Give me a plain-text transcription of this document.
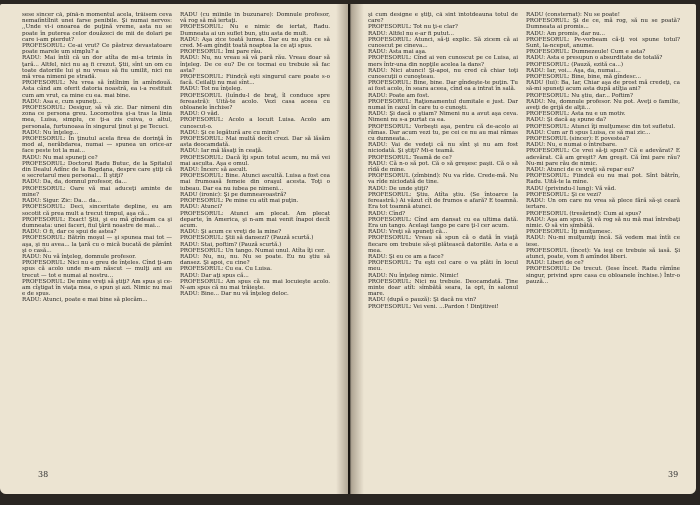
sese sincer că, pînă-n momentul acela, trăisem ceva nemaiîntîlnit unei farse penibile. Şi numai nervos: ,,Unde vi-i onoarea de puţină vreme, asta nu se poate în puterea celor douăzeci de mii de dolari pe care i-am pierdut?

PROFESORUL: Ce-ai vrut? Ce păstrez devastatoare poate marele um simplu? a

RADU: Mai întîi că un dor atîta de mi-a trimis în ţară... Altfel, nici nu aş fi crezut. Ştii, sînt un om cu toate datoriile lui şi nu vreau să fiu umilit, nici nu mă vrea nimeni pe stradă.

PROFESORUL: Nu vrea să întîlnim în amîndouă. Asta când am oferit datoria noastră, ea i-a restituit cum am vrut, ca mine cu ea. mai bine.

RADU: Asa e, cum spuneţi...

PROFESORUL: Desigur, să vă zic. Dar nimeni din zona ce persona greu. Locomotiva şi-a tras la linia mea, Luisa, simplu, ce ţi-a zis cuiva, o altul, personala, furtunoasa în singurul ţinut şi pe Tecuci.

RADU: Nu înţeleg...

PROFESORUL: În ţinutul acela firea de dorinţă în mod al, nerăbdarea, numai — spunea un orice-ar face peste tot la mai...

RADU: Nu mai spuneţi ce?

PROFESORUL: Doctorul Radu Butuc, de la Spitalul din Dealul Adînc de la Bogdana, despre care ştiţi că e secretarul meu personal... Îl ştiţi?

RADU: Da, da, domnul profesor, da...

PROFESORUL: Oare vă mai aduceţi aminte de mine?

RADU: Sigur. Zic: Da... da...

PROFESORUL: Deci, sinceritate depline, eu am socotit că prea mult a trecut timpul, aşa că...

PROFESORUL: Exact! Ştii, şi eu mă gîndeam ca şi dumneata: unei faceri, fiul ţării noastre de mai...

RADU: O fi, dar ce spui de astea?

PROFESORUL: Bătrîn moşul — şi spunea mai tot — aşa, şi nu avea... la ţară cu o mică bucată de pămînt şi o casă...

RADU: Nu vă înţeleg, domnule profesor.

PROFESORUL: Nici nu e greu de înţeles. Cînd ţi-am spus că acolo unde m-am născut — mulţi ani au trecut — tot e numai al nostru...

PROFESORUL: De mine vreţi să ştiţi? Am spus şi ce-am cîştigat în viaţa mea, o spun şi azi. Nimic nu mai e de spus.

RADU: Atunci, poate e mai bine să plecăm...

RADU (cu mîinile în buzunare): Domnule profesor, vă rog să mă iertaţi.

PROFESORUL: Nu e nimic de iertat, Radu. Dumneata ai un suflet bun, ştiu asta de mult.

RADU: Aşa zice toată lumea. Dar eu nu ştiu ce să cred. M-am gîndit toată noaptea la ce aţi spus.

PROFESORUL: Îmi pare rău.

RADU: Nu, nu vreau să vă pară rău. Vreau doar să înţeleg. De ce eu? De ce tocmai eu trebuie să fac asta?

PROFESORUL: Fiindcă eşti singurul care poate s-o facă. Ceilalţi nu mai sînt...

RADU: Tot nu înţeleg.

PROFESORUL (luîndu-l de braţ, îl conduce spre fereastră): Uită-te acolo. Vezi casa aceea cu obloanele închise?

RADU: O văd.

PROFESORUL: Acolo a locuit Luisa. Acolo am cunoscut-o.

RADU: Şi ce legătură are cu mine?

PROFESORUL: Mai multă decît crezi. Dar să lăsăm asta deocamdată.

RADU: Iar mă lăsaţi în ceaţă.

PROFESORUL: Dacă îţi spun totul acum, nu mă vei mai asculta. Aşa e omul.

RADU: Încerc să ascult.

PROFESORUL: Bine. Atunci ascultă. Luisa a fost cea mai frumoasă femeie din oraşul acesta. Toţi o iubeau. Dar ea nu iubea pe nimeni...

RADU (ironic): Şi pe dumneavoastră?

PROFESORUL: Pe mine cu atît mai puţin.

RADU: Atunci?

PROFESORUL: Atunci am plecat. Am plecat departe, în America, şi n-am mai venit înapoi decît acum.

RADU: Şi acum ce vreţi de la mine?

PROFESORUL: Ştii să dansezi? (Pauză scurtă.)

RADU: Stai, poftim? (Pauză scurtă.)

PROFESORUL: Un tango. Numai unul. Atîta îţi cer.

RADU: Nu, nu, nu. Nu se poate. Eu nu ştiu să dansez. Şi apoi, cu cine?

PROFESORUL: Cu ea. Cu Luisa.

RADU: Dar aţi spus că...

PROFESORUL: Am spus că nu mai locuieşte acolo. N-am spus că nu mai trăieşte.

RADU: Bine... Dar nu vă înţeleg deloc.

38

şi cum designe e ştiţi, că sînt întotdeauna totul de care?

PROFESORUL: Tot nu ţi-e clar?

RADU: Altfel nu e-ar fi putut...

PROFESORUL: Atunci, să-ţi explic. Să zicem că ai cunoscut pe cineva...

RADU: Asta mai aşa.

PROFESORUL: Cînd ai ven cunoscut pe ce Luisa, ai mers într-una din nopţile acelea la dans?

RADU: Nici atunci! Şi-apoi, nu cred că chiar toţi cunoscuţii o cunoşteau.

PROFESORUL: Bine, bine. Dar gîndeşte-te puţin. Tu ai fost acolo, în seara aceea, cînd ea a intrat în sală.

RADU: Poate am fost.

PROFESORUL: Raţionamentul dumitale e just. Dar numai în cazul în care tu o cunoşti.

RADU: Şi dacă o ştiam? Nimeni nu a avut aşa ceva. Nimeni nu s-a purtat ca ea.

PROFESORUL: Vorbeşti aşa, pentru că de-acolo ai rămas. Dar acum vezi tu, pe cei ce nu au mai rămas cu dumneata...

RADU: Vai de vedeţi că nu sînt şi nu am fost niciodată. Şi ştiţi? Mi-e teamă.

PROFESORUL: Teamă de ce?

RADU: Că n-o să pot. Că o să greşesc paşii. Că o să rîdă de mine.

PROFESORUL (zîmbind): Nu va rîde. Crede-mă. Nu va rîde niciodată de tine.

RADU: De unde ştiţi?

PROFESORUL: Ştiu. Atîta ştiu. (Se întoarce la fereastră.) Ai văzut cît de frumos e afară? E toamnă. Era tot toamnă atunci.

RADU: Cînd?

PROFESORUL: Cînd am dansat cu ea ultima dată. Era un tango. Acelaşi tango pe care ţi-l cer acum.

RADU: Vreţi să spuneţi că...

PROFESORUL: Vreau să spun că o dată în viaţă fiecare om trebuie să-şi plătească datoriile. Asta e a mea.

RADU: Şi eu ce am a face?

PROFESORUL: Tu eşti cel care o va plăti în locul meu.

RADU: Nu înţeleg nimic. Nimic!

PROFESORUL: Nici nu trebuie. Deocamdată. Ţine minte doar atît: sîmbătă seara, la opt, în salonul mare.

RADU (după o pauză): Şi dacă nu vin?

PROFESORUL: Vei veni. ...Pardon ! Dinţitivei!

RADU (consternat): Nu se poate!

PROFESORUL: Şi de ce, mă rog, să nu se poată? Dumneata ai promis...

RADU: Am promis, dar nu...

PROFESORUL: Pe-vorbeam că-ţi voi spune totul? Sunt, la-nceput, anume.

PROFESORUL: Dumnezeule! Cum e asta?

RADU: Asta e presupun o absurditate de totală?

PROFESORUL: (Pauză, ezită ca...)

RADU: Iar, voi... Aşa, da, numai...

PROFESORUL: Bine, bine, mă gîndesc...

RADU (lui): Ba, Iar, Chiar aşa de prost mă credeţi, ca să-mi spuneţi acum asta după atîţia ani?

PROFESORUL: Nu ştiu, dar... Poftim?

RADU: Nu, domnule profesor. Nu pot. Aveţi o familie, aveţi de grijă de alţii...

PROFESORUL: Asta nu e un motiv.

RADU: Şi dacă aş spune da?

PROFESORUL: Atunci îţi mulţumesc din tot sufletul.

RADU: Cum ar fi spus Luisa, ce să mai zic...

PROFESORUL (sincer): E povestea?

RADU: Nu, e numai o întrebare.

PROFESORUL: Ce vrei să-ţi spun? Că e adevărat? E adevărat. Că am greşit? Am greşit. Că îmi pare rău? Nu-mi pare rău de nimic.

RADU: Atunci de ce vreţi să repar eu?

PROFESORUL: Fiindcă eu nu mai pot. Sînt bătrîn, Radu. Uită-te la mine.

RADU (privindu-l lung): Vă văd.

PROFESORUL: Şi ce vezi?

RADU: Un om care nu vrea să plece fără să-şi ceară iertare.

PROFESORUL (tresărind): Cum ai spus?

RADU: Aşa am spus. Şi vă rog să nu mă mai întrebaţi nimic. O să vin sîmbătă.

PROFESORUL: Îţi mulţumesc.

RADU: Nu-mi mulţumiţi încă. Să vedem mai întîi ce iese.

PROFESORUL (încet): Va ieşi ce trebuie să iasă. Şi atunci, poate, vom fi amîndoi liberi.

RADU: Liberi de ce?

PROFESORUL: De trecut. (Iese încet. Radu rămîne singur, privind spre casa cu obloanele închise.) Într-o pauză...

39
